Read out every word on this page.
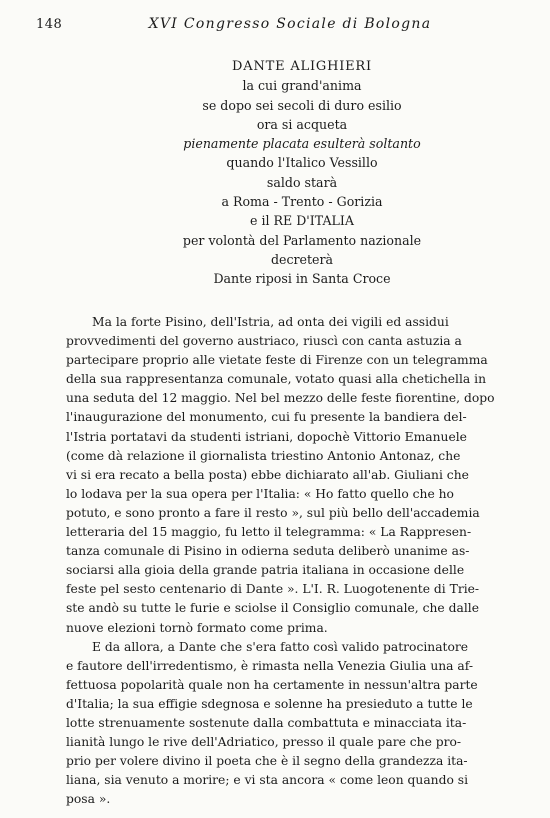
148	XVI Congresso Sociale di Bologna
DANTE ALIGHIERI
la cui grand'anima
se dopo sei secoli di duro esilio
ora si acqueta
pienamente placata esulterà soltanto
quando l'Italico Vessillo
saldo starà
a Roma - Trento - Gorizia
e il RE D'ITALIA
per volontà del Parlamento nazionale
decreterà
Dante riposi in Santa Croce
Ma la forte Pisino, dell'Istria, ad onta dei vigili ed assidui
provvedimenti del governo austriaco, riuscì con canta astuzia a
partecipare proprio alle vietate feste di Firenze con un telegramma
della sua rappresentanza comunale, votato quasi alla chetichella in
una seduta del 12 maggio. Nel bel mezzo delle feste fiorentine, dopo
l'inaugurazione del monumento, cui fu presente la bandiera del-
l'Istria portatavi da studenti istriani, dopochè Vittorio Emanuele
(come dà relazione il giornalista triestino Antonio Antonaz, che
vi si era recato a bella posta) ebbe dichiarato all'ab. Giuliani che
lo lodava per la sua opera per l'Italia: « Ho fatto quello che ho
potuto, e sono pronto a fare il resto », sul più bello dell'accademia
letteraria del 15 maggio, fu letto il telegramma: « La Rappresen-
tanza comunale di Pisino in odierna seduta deliberò unanime as-
sociarsi alla gioia della grande patria italiana in occasione delle
feste pel sesto centenario di Dante ». L'I. R. Luogotenente di Trie-
ste andò su tutte le furie e sciolse il Consiglio comunale, che dalle
nuove elezioni tornò formato come prima.
E da allora, a Dante che s'era fatto così valido patrocinatore
e fautore dell'irredentismo, è rimasta nella Venezia Giulia una af-
fettuosa popolarità quale non ha certamente in nessun'altra parte
d'Italia; la sua effigie sdegnosa e solenne ha presieduto a tutte le
lotte strenuamente sostenute dalla combattuta e minacciata ita-
lianità lungo le rive dell'Adriatico, presso il quale pare che pro-
prio per volere divino il poeta che è il segno della grandezza ita-
liana, sia venuto a morire; e vi sta ancora « come leon quando si
posa ».
